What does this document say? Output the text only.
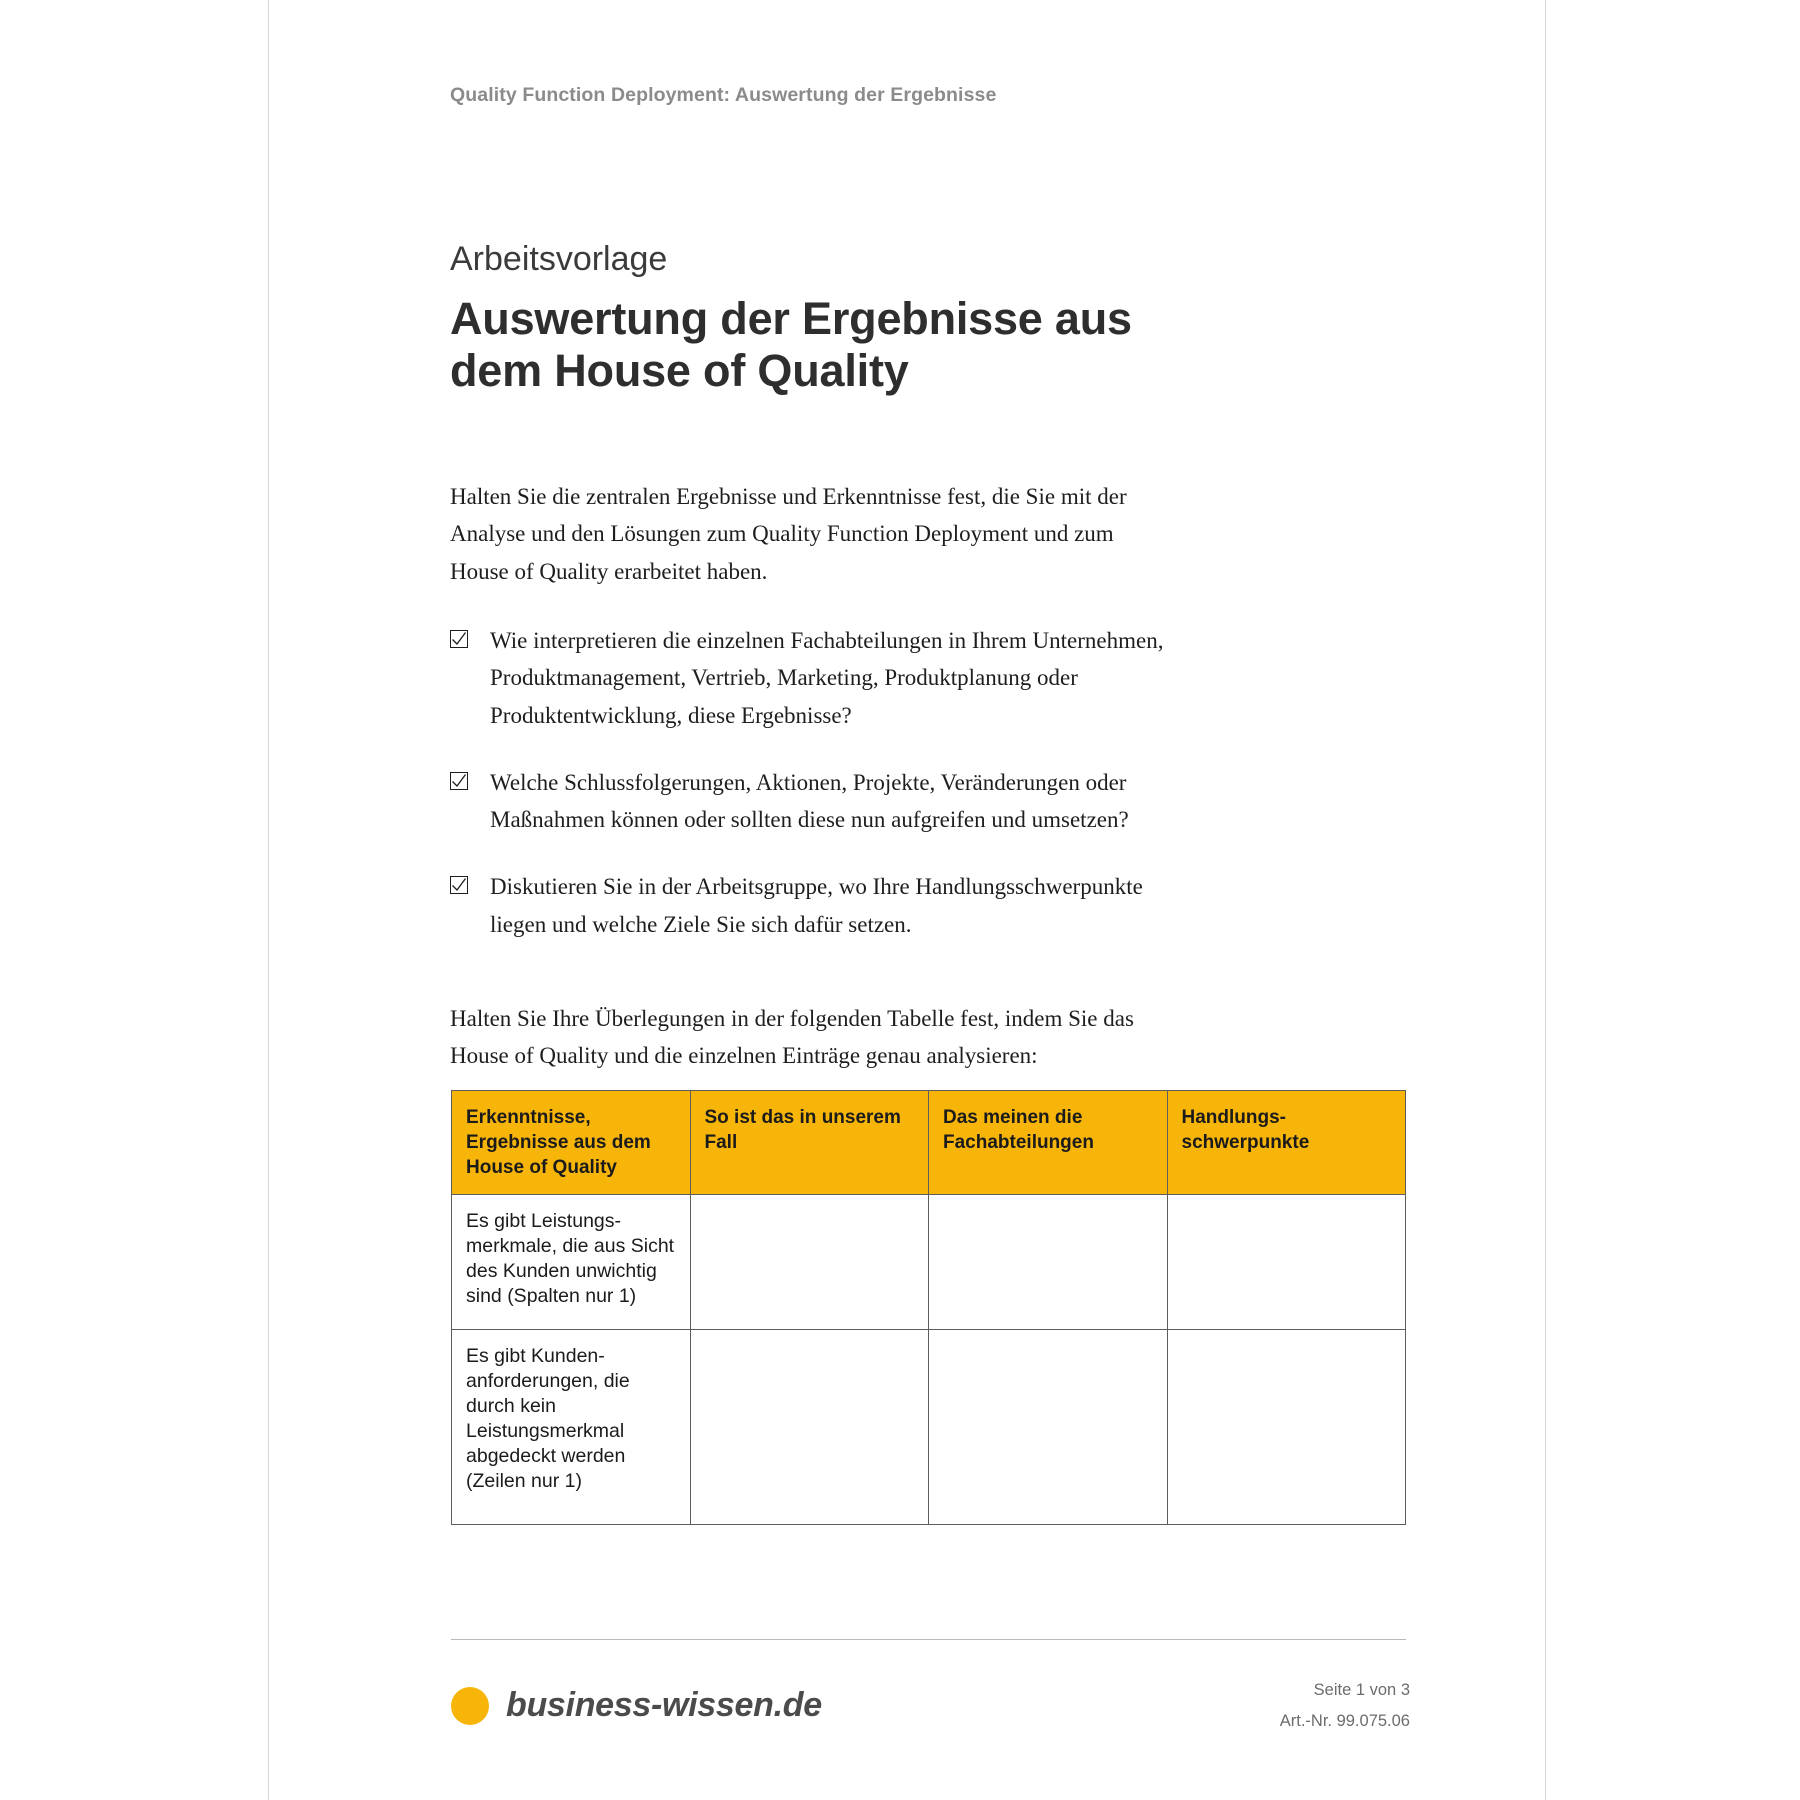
Quality Function Deployment: Auswertung der Ergebnisse
Arbeitsvorlage
Auswertung der Ergebnisse aus dem House of Quality
Halten Sie die zentralen Ergebnisse und Erkenntnisse fest, die Sie mit der Analyse und den Lösungen zum Quality Function Deployment und zum House of Quality erarbeitet haben.
Wie interpretieren die einzelnen Fachabteilungen in Ihrem Unternehmen, Produktmanagement, Vertrieb, Marketing, Produktplanung oder Produktentwicklung, diese Ergebnisse?
Welche Schlussfolgerungen, Aktionen, Projekte, Veränderungen oder Maßnahmen können oder sollten diese nun aufgreifen und umsetzen?
Diskutieren Sie in der Arbeitsgruppe, wo Ihre Handlungsschwerpunkte liegen und welche Ziele Sie sich dafür setzen.
Halten Sie Ihre Überlegungen in der folgenden Tabelle fest, indem Sie das House of Quality und die einzelnen Einträge genau analysieren:
Erkenntnisse, Ergebnisse aus dem House of Quality	So ist das in unserem Fall	Das meinen die Fachabteilungen	Handlungs-schwerpunkte
Es gibt Leistungs-merkmale, die aus Sicht des Kunden unwichtig sind (Spalten nur 1)			
Es gibt Kunden-anforderungen, die durch kein Leistungsmerkmal abgedeckt werden (Zeilen nur 1)			
business-wissen.de	Seite 1 von 3
Art.-Nr. 99.075.06
